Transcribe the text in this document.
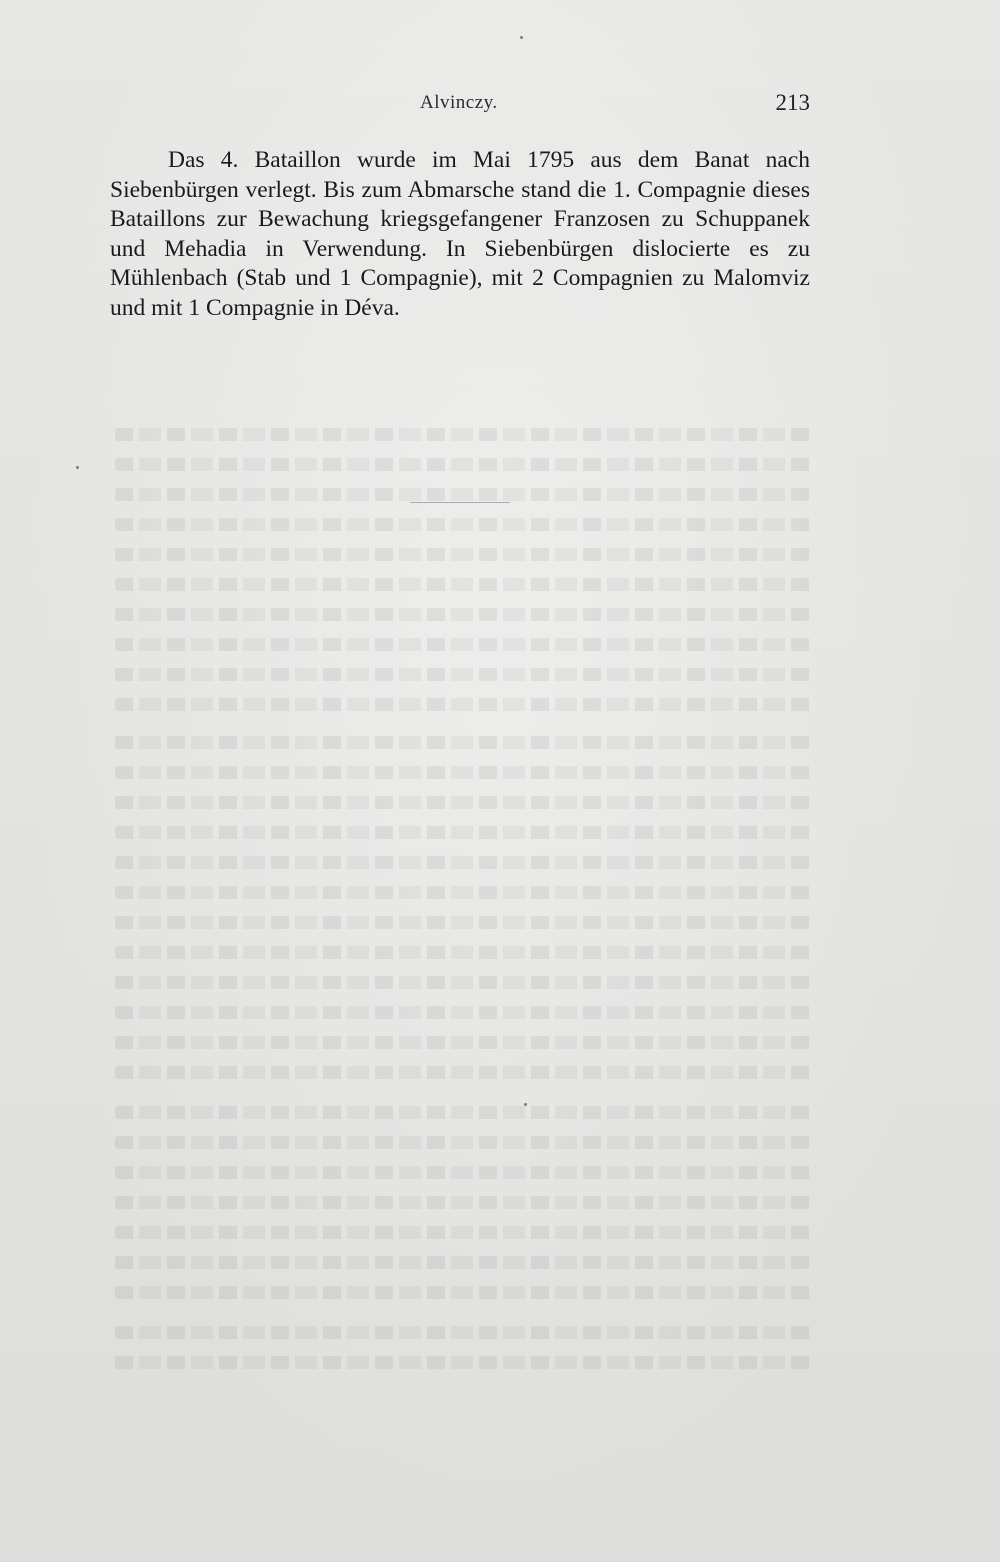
Alvinczy.	213

Das 4. Bataillon wurde im Mai 1795 aus dem Banat nach Siebenbürgen verlegt. Bis zum Abmarsche stand die 1. Compagnie dieses Bataillons zur Bewachung kriegsgefangener Franzosen zu Schuppanek und Mehadia in Verwendung. In Siebenbürgen dislocierte es zu Mühlenbach (Stab und 1 Compagnie), mit 2 Compagnien zu Malomviz und mit 1 Compagnie in Déva.
